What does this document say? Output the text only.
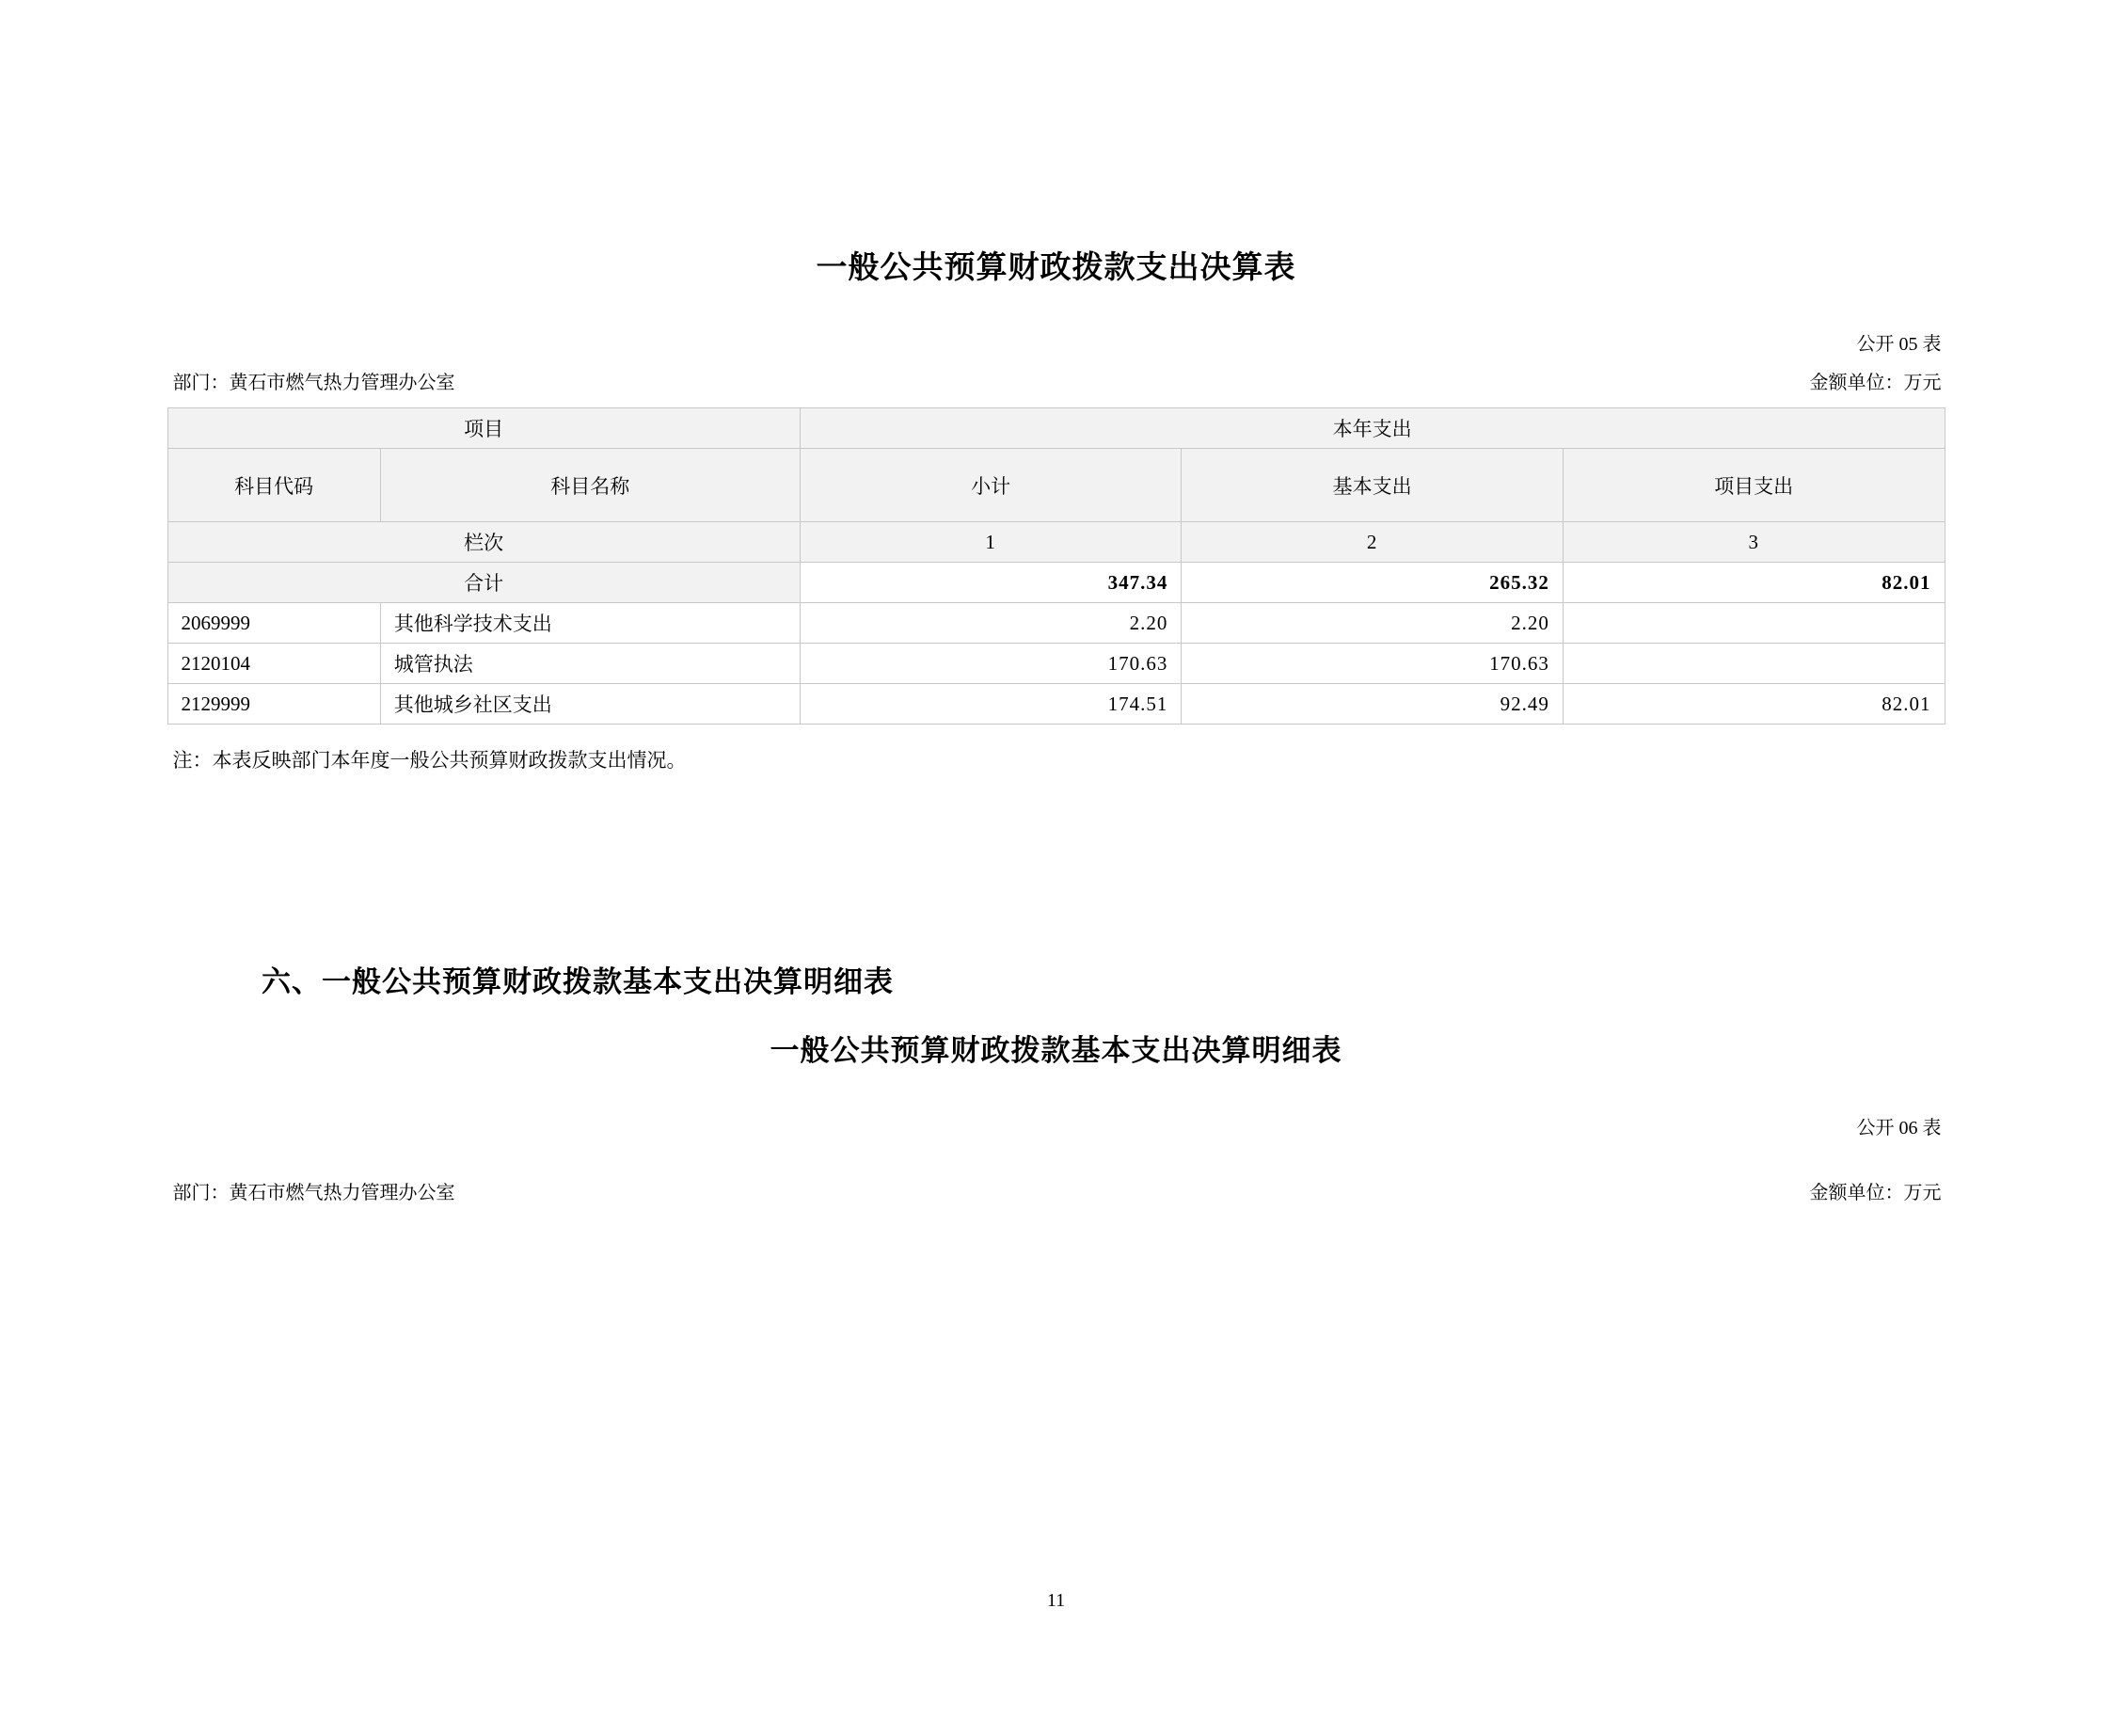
一般公共预算财政拨款支出决算表
公开 05 表
部门：黄石市燃气热力管理办公室	金额单位：万元
项目		本年支出		
科目代码	科目名称	小计	基本支出	项目支出
栏次		1	2	3
合计		347.34	265.32	82.01
2069999	其他科学技术支出	2.20	2.20	
2120104	城管执法	170.63	170.63	
2129999	其他城乡社区支出	174.51	92.49	82.01
注：本表反映部门本年度一般公共预算财政拨款支出情况。
六、一般公共预算财政拨款基本支出决算明细表
一般公共预算财政拨款基本支出决算明细表
公开 06 表
部门：黄石市燃气热力管理办公室	金额单位：万元
11
